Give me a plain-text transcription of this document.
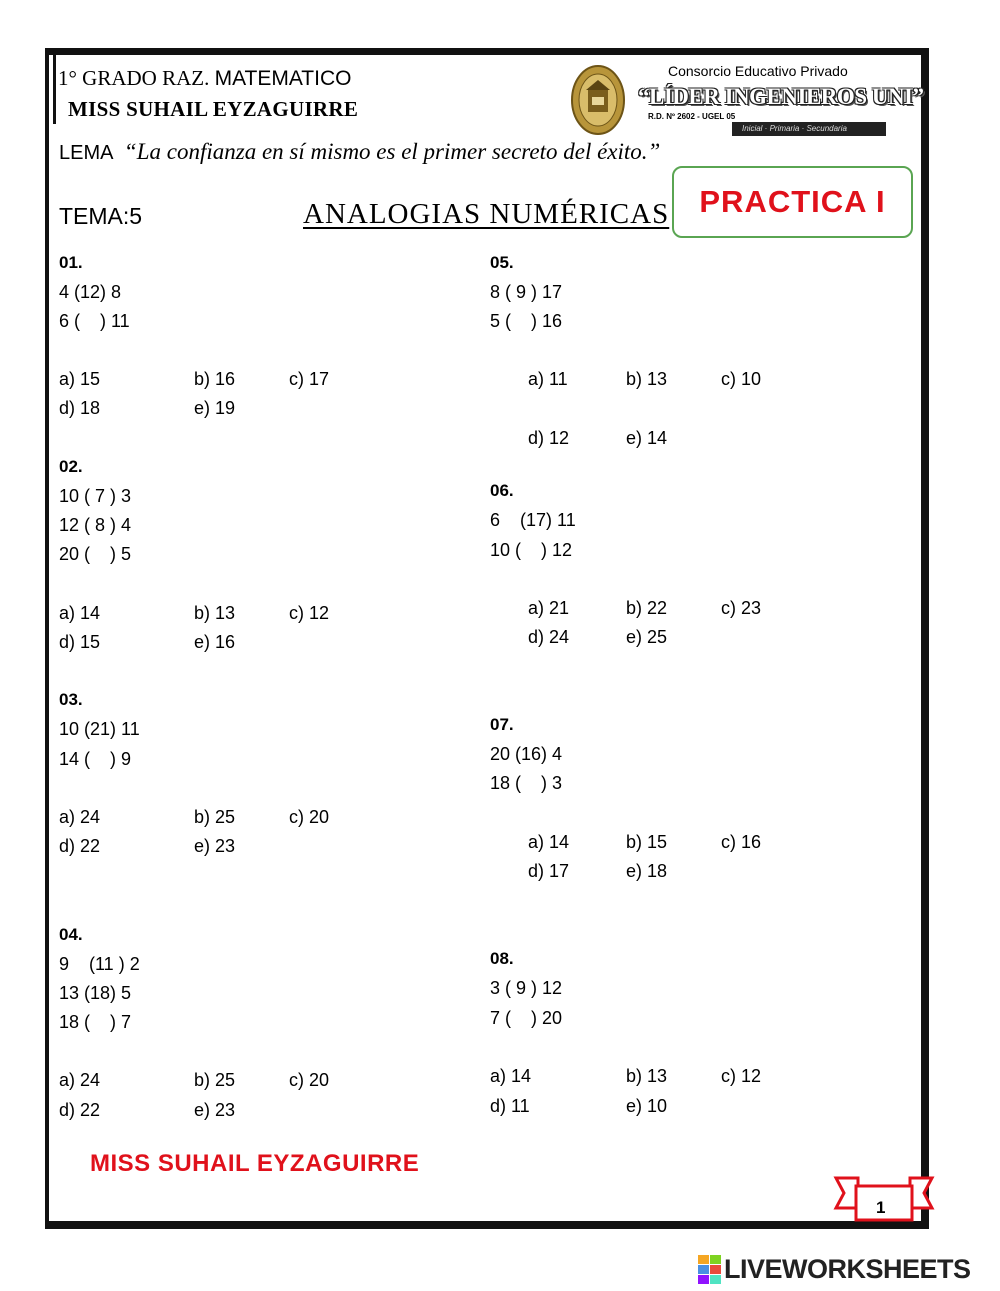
1° GRADO RAZ. MATEMATICO
MISS SUHAIL EYZAGUIRRE
Consorcio Educativo Privado
“LÍDER INGENIEROS UNI”
R.D. Nº 2602 - UGEL 05
Inicial · Primaria · Secundaria
LEMA “La confianza en sí mismo es el primer secreto del éxito.”
TEMA:5	ANALOGIAS NUMÉRICAS PRACTICA I
01.
4 (12) 8
6 (    ) 11
a) 15	b) 16	c) 17
d) 18	e) 19
02.
10 ( 7 ) 3
12 ( 8 ) 4
20 (    ) 5
a) 14	b) 13	c) 12
d) 15	e) 16
03.
10 (21) 11
14 (    ) 9
a) 24	b) 25	c) 20
d) 22	e) 23
04.
9    (11 ) 2
13 (18) 5
18 (    ) 7
a) 24	b) 25	c) 20
d) 22	e) 23
05.
8 ( 9 ) 17
5 (    ) 16
a) 11	b) 13	c) 10
d) 12	e) 14
06.
6    (17) 11
10 (    ) 12
a) 21	b) 22	c) 23
d) 24	e) 25
07.
20 (16) 4
18 (    ) 3
a) 14	b) 15	c) 16
d) 17	e) 18
08.
3 ( 9 ) 12
7 (    ) 20
a) 14	b) 13	c) 12
d) 11	e) 10
MISS SUHAIL EYZAGUIRRE
1
LIVEWORKSHEETS
